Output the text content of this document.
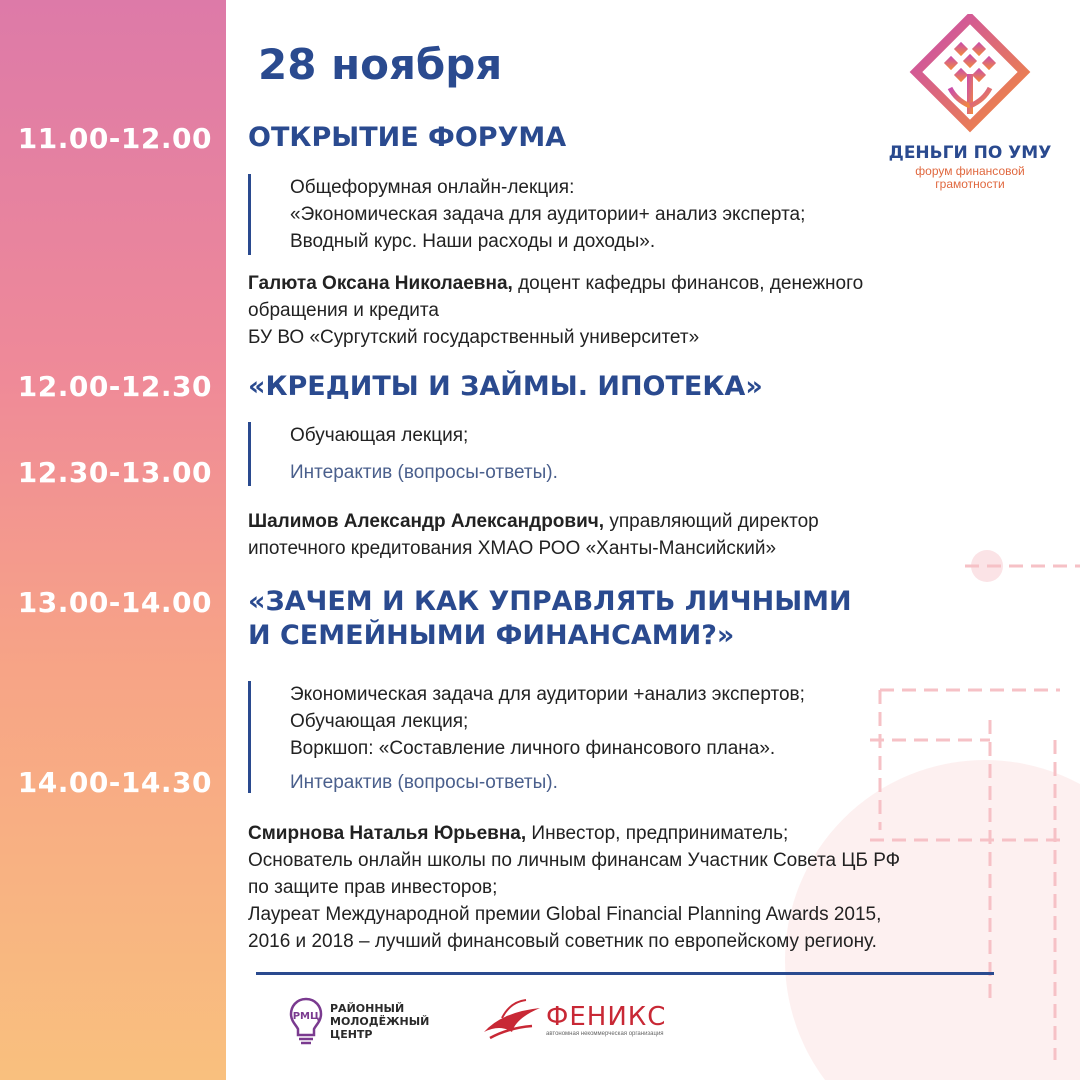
11.00-12.00
12.00-12.30
12.30-13.00
13.00-14.00
14.00-14.30
28 ноября
ДЕНЬГИ ПО УМУ
форум финансовой грамотности
ОТКРЫТИЕ ФОРУМА
Общефорумная онлайн-лекция:
«Экономическая задача для аудитории+ анализ эксперта;
Вводный курс. Наши расходы и доходы».
Галюта Оксана Николаевна, доцент кафедры финансов, денежного
обращения и кредита
БУ ВО «Сургутский государственный университет»
«КРЕДИТЫ И ЗАЙМЫ. ИПОТЕКА»
Обучающая лекция;
Интерактив (вопросы-ответы).
Шалимов Александр Александрович, управляющий директор
ипотечного кредитования ХМАО РОО «Ханты-Мансийский»
«ЗАЧЕМ И КАК УПРАВЛЯТЬ ЛИЧНЫМИ
И СЕМЕЙНЫМИ ФИНАНСАМИ?»
Экономическая задача для аудитории +анализ экспертов;
Обучающая лекция;
Воркшоп: «Составление личного финансового плана».
Интерактив (вопросы-ответы).
Смирнова Наталья Юрьевна, Инвестор, предприниматель;
Основатель онлайн школы по личным финансам Участник Совета ЦБ РФ
по защите прав инвесторов;
Лауреат Международной премии Global Financial Planning Awards 2015,
2016 и 2018 – лучший финансовый советник по европейскому региону.
РМЦ
РАЙОННЫЙ
МОЛОДЁЖНЫЙ
ЦЕНТР
ФЕНИКС
автономная некоммерческая организация
